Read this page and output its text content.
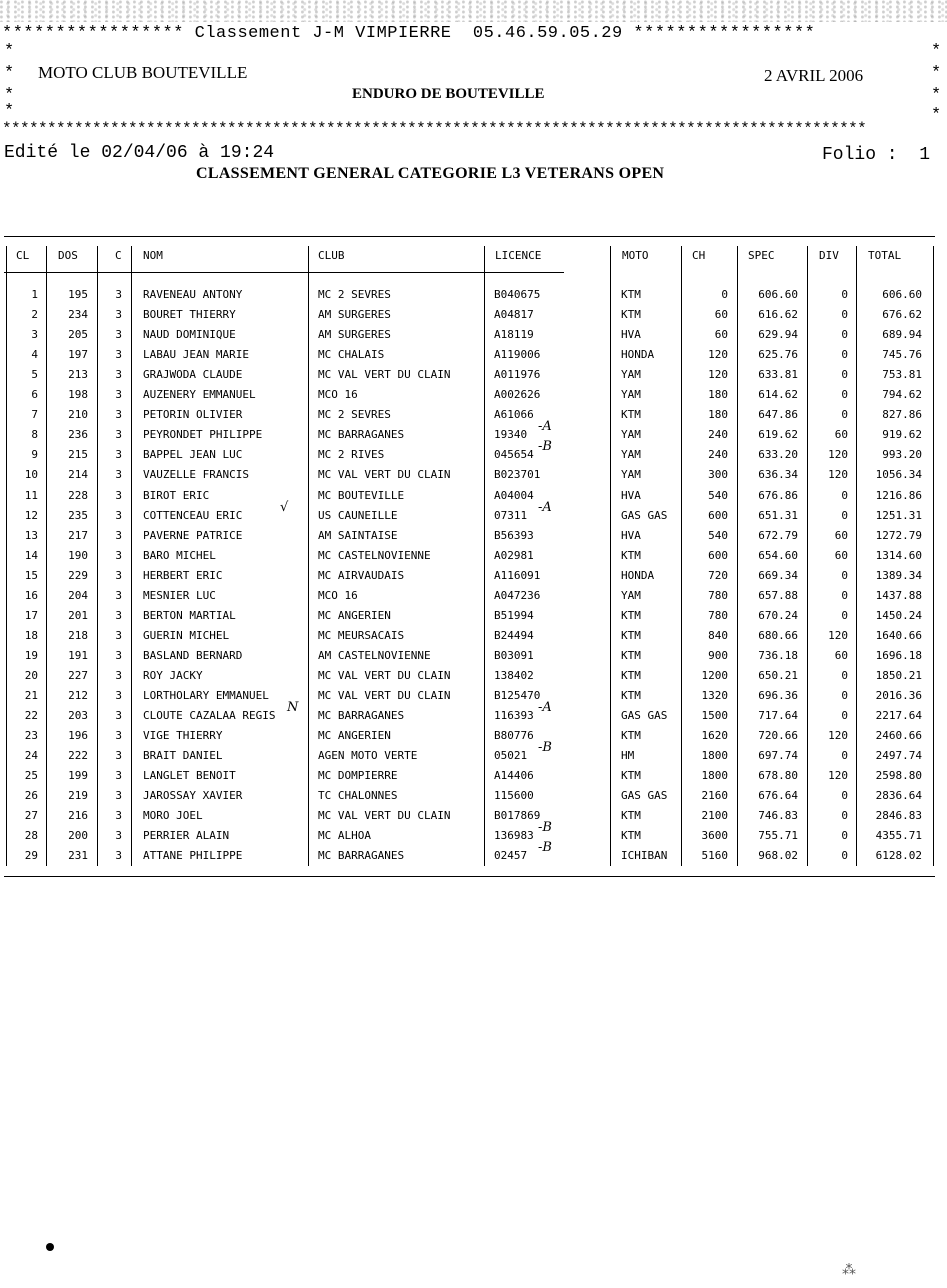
***************** Classement J-M VIMPIERRE  05.46.59.05.29 *****************
*	*
*	*
*	*
*	*
MOTO CLUB BOUTEVILLE	2 AVRIL 2006
ENDURO DE BOUTEVILLE
************************************************************************************************
Edité le 02/04/06 à 19:24	Folio :  1
CLASSEMENT GENERAL CATEGORIE L3 VETERANS OPEN
CL	DOS	C NOM	CLUB	LICENCE	MOTO	CH	SPEC	DIV	TOTAL
1	195	3 RAVENEAU ANTONY	MC 2 SEVRES	B040675	KTM	0	606.60	0	606.60
2	234	3 BOURET THIERRY	AM SURGERES	A04817	KTM	60	616.62	0	676.62
3	205	3 NAUD DOMINIQUE	AM SURGERES	A18119	HVA	60	629.94	0	689.94
4	197	3 LABAU JEAN MARIE	MC CHALAIS	A119006	HONDA	120	625.76	0	745.76
5	213	3 GRAJWODA CLAUDE	MC VAL VERT DU CLAIN	A011976	YAM	120	633.81	0	753.81
6	198	3 AUZENERY EMMANUEL	MCO 16	A002626	YAM	180	614.62	0	794.62
7	210	3 PETORIN OLIVIER	MC 2 SEVRES	A61066	KTM	180	647.86	0	827.86
8	236	3 PEYRONDET PHILIPPE	MC BARRAGANES	19340	YAM	240	619.62	60	919.62
9	215	3 BAPPEL JEAN LUC	MC 2 RIVES	045654	YAM	240	633.20	120	993.20
10	214	3 VAUZELLE FRANCIS	MC VAL VERT DU CLAIN	B023701	YAM	300	636.34	120	1056.34
11	228	3 BIROT ERIC	MC BOUTEVILLE	A04004	HVA	540	676.86	0	1216.86
12	235	3 COTTENCEAU ERIC	US CAUNEILLE	07311	GAS GAS	600	651.31	0	1251.31
13	217	3 PAVERNE PATRICE	AM SAINTAISE	B56393	HVA	540	672.79	60	1272.79
14	190	3 BARO MICHEL	MC CASTELNOVIENNE	A02981	KTM	600	654.60	60	1314.60
15	229	3 HERBERT ERIC	MC AIRVAUDAIS	A116091	HONDA	720	669.34	0	1389.34
16	204	3 MESNIER LUC	MCO 16	A047236	YAM	780	657.88	0	1437.88
17	201	3 BERTON MARTIAL	MC ANGERIEN	B51994	KTM	780	670.24	0	1450.24
18	218	3 GUERIN MICHEL	MC MEURSACAIS	B24494	KTM	840	680.66	120	1640.66
19	191	3 BASLAND BERNARD	AM CASTELNOVIENNE	B03091	KTM	900	736.18	60	1696.18
20	227	3 ROY JACKY	MC VAL VERT DU CLAIN	138402	KTM	1200	650.21	0	1850.21
21	212	3 LORTHOLARY EMMANUEL	MC VAL VERT DU CLAIN	B125470	KTM	1320	696.36	0	2016.36
22	203	3 CLOUTE CAZALAA REGIS	MC BARRAGANES	116393	GAS GAS	1500	717.64	0	2217.64
23	196	3 VIGE THIERRY	MC ANGERIEN	B80776	KTM	1620	720.66	120	2460.66
24	222	3 BRAIT DANIEL	AGEN MOTO VERTE	05021	HM	1800	697.74	0	2497.74
25	199	3 LANGLET BENOIT	MC DOMPIERRE	A14406	KTM	1800	678.80	120	2598.80
26	219	3 JAROSSAY XAVIER	TC CHALONNES	115600	GAS GAS	2160	676.64	0	2836.64
27	216	3 MORO JOEL	MC VAL VERT DU CLAIN	B017869	KTM	2100	746.83	0	2846.83
28	200	3 PERRIER ALAIN	MC ALHOA	136983	KTM	3600	755.71	0	4355.71
29	231	3 ATTANE PHILIPPE	MC BARRAGANES	02457	ICHIBAN	5160	968.02	0	6128.02
⁂
-A
-B
-A
√
-A
N
-B
-B
-B
